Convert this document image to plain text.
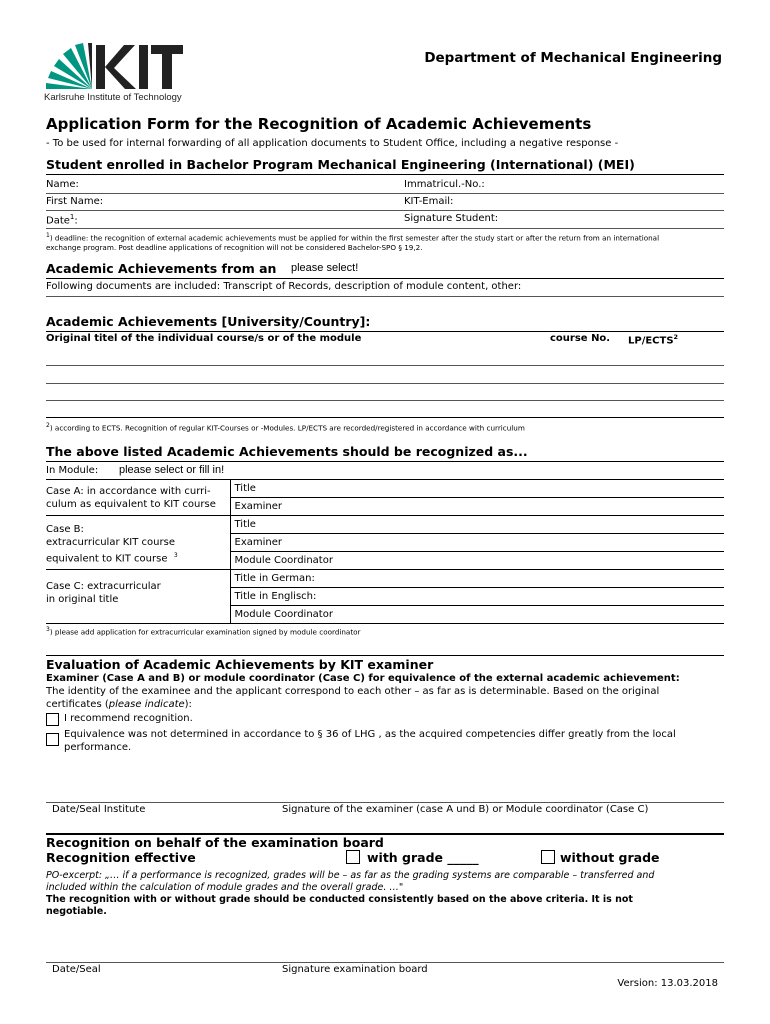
Karlsruhe Institute of Technology
Department of Mechanical Engineering
Application Form for the Recognition of Academic Achievements
- To be used for internal forwarding of all application documents to Student Office, including a negative response -
Student enrolled in Bachelor Program Mechanical Engineering (International) (MEI)
Name:	Immatricul.-No.:
First Name:	KIT-Email:
Date$^1$:	Signature Student:
$^1$) deadline: the recognition of external academic achievements must be applied for within the first semester after the study start or after the return from an international
exchange program. Post deadline applications of recognition will not be considered Bachelor-SPO § 19,2.
Academic Achievements from an please select!
Following documents are included: Transcript of Records, description of module content, other:
Academic Achievements [University/Country]:
Original titel of the individual course/s or of the module	course No. LP/ECTS$^2$
$^2$) according to ECTS. Recognition of regular KIT-Courses or -Modules. LP/ECTS are recorded/registered in accordance with curriculum
The above listed Academic Achievements should be recognized as...
In Module: please select or fill in!
Case A: in accordance with curri-
culum as equivalent to KIT course	Title
	Examiner

Case B:
extracurricular KIT course
equivalent to KIT course $^3$	Title
	Examiner
	Module Coordinator

Case C: extracurricular
in original title	Title in German:
	Title in Englisch:
	Module Coordinator
$^3$) please add application for extracurricular examination signed by module coordinator
Evaluation of Academic Achievements by KIT examiner
Examiner (Case A and B) or module coordinator (Case C) for equivalence of the external academic achievement:
The identity of the examinee and the applicant correspond to each other – as far as is determinable. Based on the original
certificates (please indicate):
I recommend recognition.
Equivalence was not determined in accordance to § 36 of LHG , as the acquired competencies differ greatly from the local
performance.
Date/Seal Institute	Signature of the examiner (case A und B) or Module coordinator (Case C)
Recognition on behalf of the examination board
Recognition effective	with grade _____	without grade
PO-excerpt: „… if a performance is recognized, grades will be – as far as the grading systems are comparable – transferred and
included within the calculation of module grades and the overall grade. …"
The recognition with or without grade should be conducted consistently based on the above criteria. It is not
negotiable.
Date/Seal	Signature examination board
Version: 13.03.2018
